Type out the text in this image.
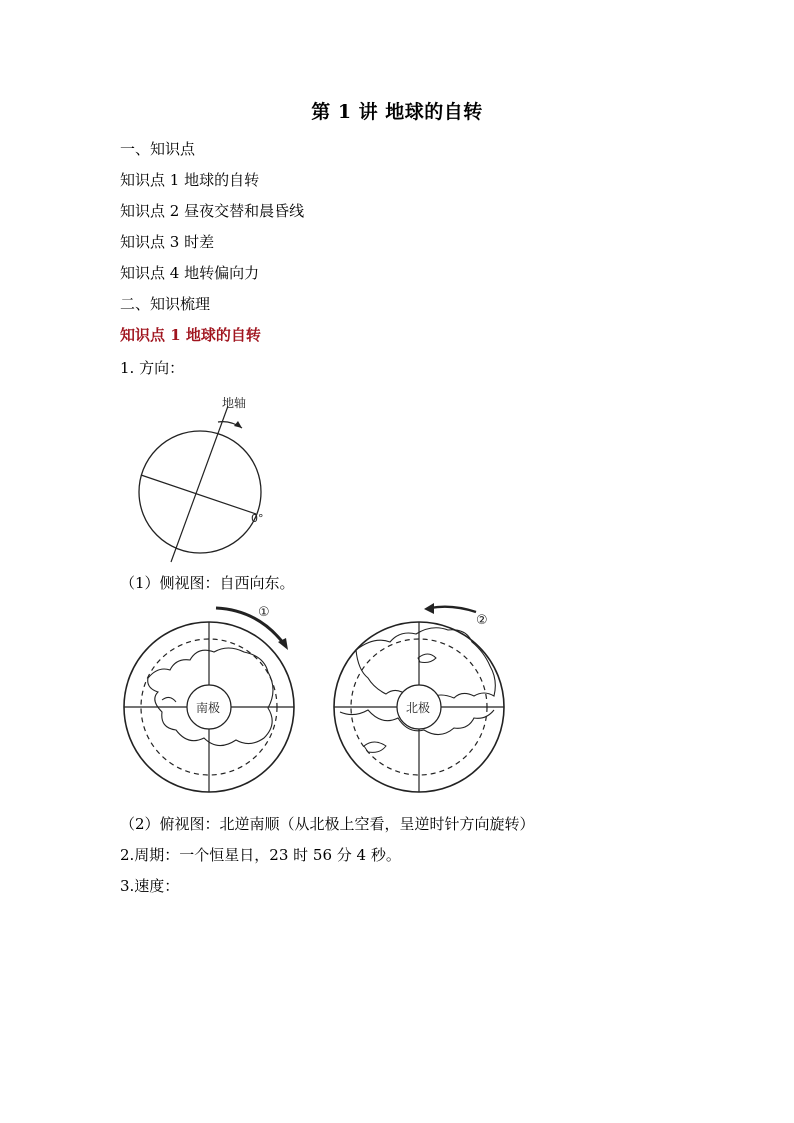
第 1 讲 地球的自转
一、知识点
知识点 1 地球的自转
知识点 2 昼夜交替和晨昏线
知识点 3 时差
知识点 4 地转偏向力
二、知识梳理
知识点 1 地球的自转
1. 方向：
地轴
0°
（1）侧视图：自西向东。
南极
①
北极
②
（2）俯视图：北逆南顺（从北极上空看，呈逆时针方向旋转）
2.周期：一个恒星日，23 时 56 分 4 秒。
3.速度：
